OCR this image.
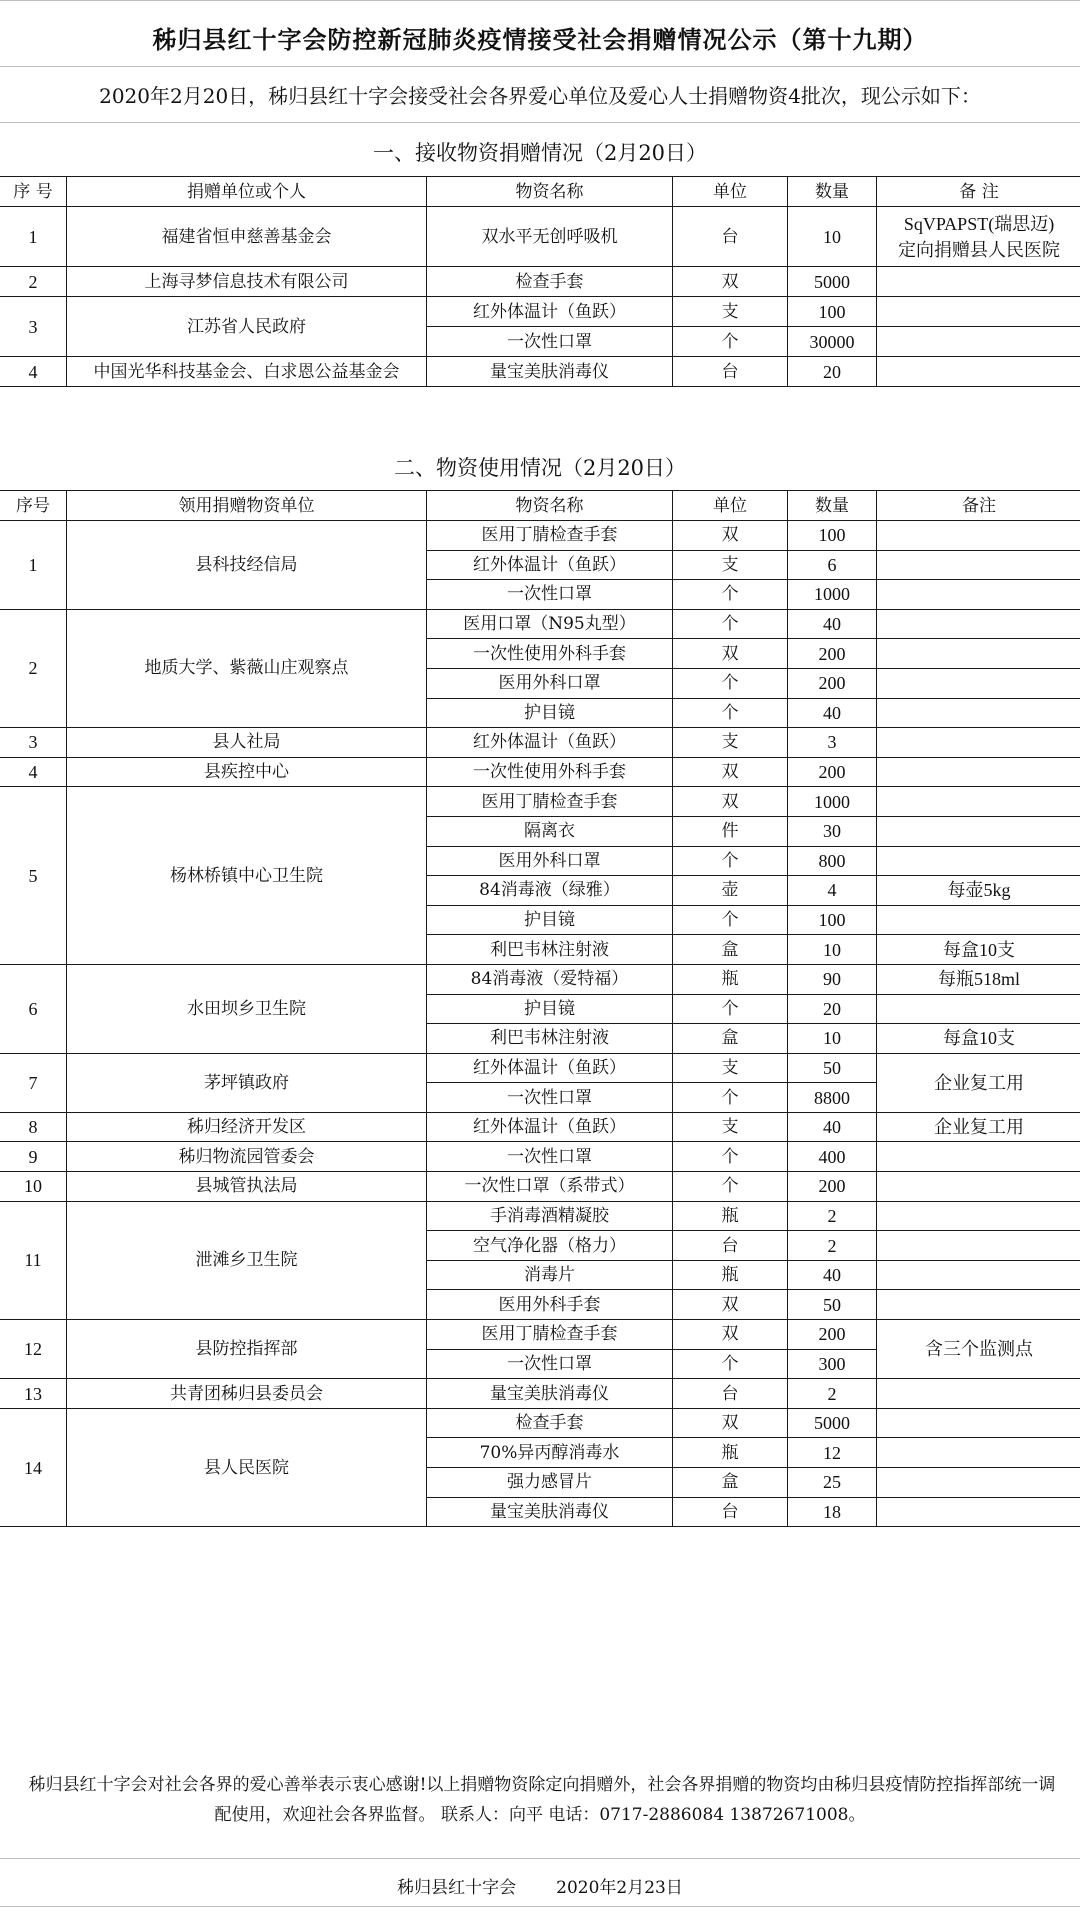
秭归县红十字会防控新冠肺炎疫情接受社会捐赠情况公示（第十九期）
2020年2月20日，秭归县红十字会接受社会各界爱心单位及爱心人士捐赠物资4批次，现公示如下：
一、接收物资捐赠情况（2月20日）
序 号	捐赠单位或个人	物资名称	单位	数量	备 注
1	福建省恒申慈善基金会	双水平无创呼吸机	台	10	SqVPAPST(瑞思迈)
定向捐赠县人民医院

2	上海寻梦信息技术有限公司	检查手套	双	5000	
3	江苏省人民政府	红外体温计（鱼跃）	支	100	
		一次性口罩	个	30000	
4	中国光华科技基金会、白求恩公益基金会	量宝美肤消毒仪	台	20	
二、物资使用情况（2月20日）
序号	领用捐赠物资单位	物资名称	单位	数量	备注
1	县科技经信局	医用丁腈检查手套	双	100	
		红外体温计（鱼跃）	支	6	
		一次性口罩	个	1000	
2	地质大学、紫薇山庄观察点	医用口罩（N95丸型）	个	40	
		一次性使用外科手套	双	200	
		医用外科口罩	个	200	
		护目镜	个	40	
3	县人社局	红外体温计（鱼跃）	支	3	
4	县疾控中心	一次性使用外科手套	双	200	
5	杨林桥镇中心卫生院	医用丁腈检查手套	双	1000	
		隔离衣	件	30	
		医用外科口罩	个	800	
		84消毒液（绿雅）	壶	4	每壶5kg
		护目镜	个	100	
		利巴韦林注射液	盒	10	每盒10支
6	水田坝乡卫生院	84消毒液（爱特福）	瓶	90	每瓶518ml
		护目镜	个	20	
		利巴韦林注射液	盒	10	每盒10支
7	茅坪镇政府	红外体温计（鱼跃）	支	50	企业复工用
		一次性口罩	个	8800	
8	秭归经济开发区	红外体温计（鱼跃）	支	40	企业复工用
9	秭归物流园管委会	一次性口罩	个	400	
10	县城管执法局	一次性口罩（系带式）	个	200	
11	泄滩乡卫生院	手消毒酒精凝胶	瓶	2	
		空气净化器（格力）	台	2	
		消毒片	瓶	40	
		医用外科手套	双	50	
12	县防控指挥部	医用丁腈检查手套	双	200	含三个监测点
		一次性口罩	个	300	
13	共青团秭归县委员会	量宝美肤消毒仪	台	2	
14	县人民医院	检查手套	双	5000	
		70%异丙醇消毒水	瓶	12	
		强力感冒片	盒	25	
		量宝美肤消毒仪	台	18	
秭归县红十字会对社会各界的爱心善举表示衷心感谢!以上捐赠物资除定向捐赠外，社会各界捐赠的物资均由秭归县疫情防控指挥部统一调
配使用，欢迎社会各界监督。 联系人：向平 电话：0717-2886084 13872671008。
秭归县红十字会 2020年2月23日
